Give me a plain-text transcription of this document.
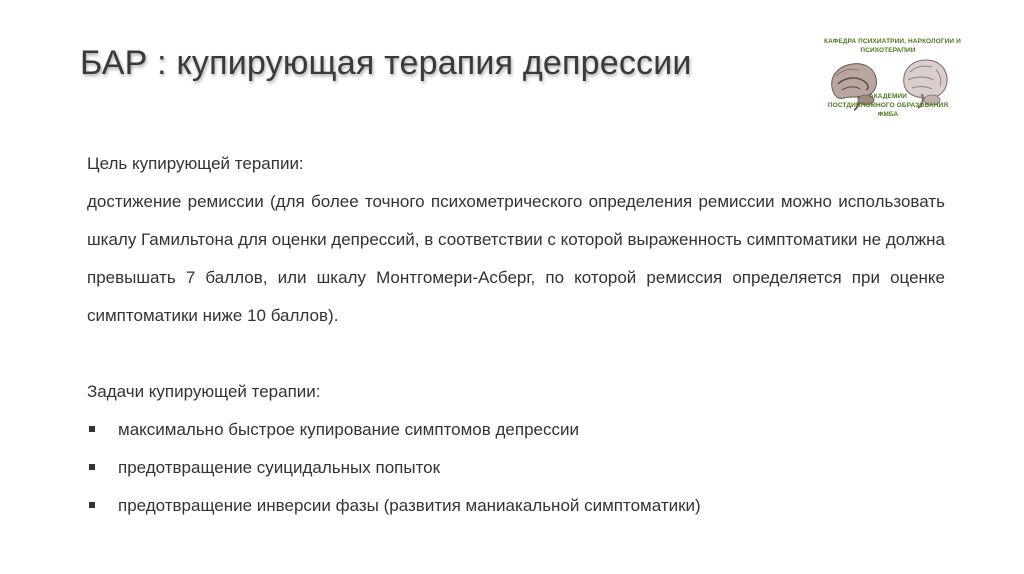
БАР : купирующая терапия депрессии
КАФЕДРА ПСИХИАТРИИ, НАРКОЛОГИИ И
ПСИХОТЕРАПИИ
АКАДЕМИИ
ПОСТДИПЛОМНОГО ОБРАЗОВАНИЯ
ФМБА

Цель купирующей терапии:

достижение ремиссии (для более точного психометрического определения ремиссии можно использовать шкалу Гамильтона для оценки депрессий, в соответствии с которой выраженность симптоматики не должна превышать 7 баллов, или шкалу Монтгомери-Асберг, по которой ремиссия определяется при оценке симптоматики ниже 10 баллов).

Задачи купирующей терапии:

максимально быстрое купирование симптомов депрессии
предотвращение суицидальных попыток
предотвращение инверсии фазы (развития маниакальной симптоматики)
